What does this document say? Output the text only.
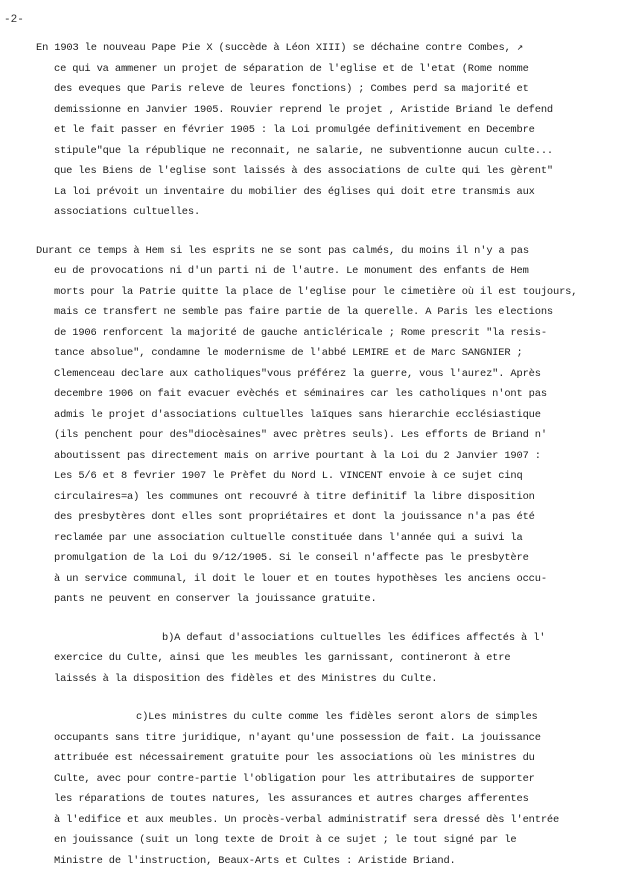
-2-
En 1903 le nouveau Pape Pie X (succède à Léon XIII) se déchaine contre Combes, ↗
ce qui va ammener un projet de séparation de l'eglise et de l'etat (Rome nomme
des eveques que Paris releve de leures fonctions) ; Combes perd sa majorité et
demissionne en Janvier 1905. Rouvier reprend le projet , Aristide Briand le defend
et le fait passer en février 1905 : la Loi promulgée definitivement en Decembre
stipule"que la république ne reconnait, ne salarie, ne subventionne aucun culte...
que les Biens de l'eglise sont laissés à des associations de culte qui les gèrent"
La loi prévoit un inventaire du mobilier des églises qui doit etre transmis aux
associations cultuelles.
Durant ce temps à Hem si les esprits ne se sont pas calmés, du moins il n'y a pas
eu de provocations ni d'un parti ni de l'autre. Le monument des enfants de Hem
morts pour la Patrie quitte la place de l'eglise pour le cimetière où il est toujours,
mais ce transfert ne semble pas faire partie de la querelle. A Paris les elections
de 1906 renforcent la majorité de gauche anticléricale ; Rome prescrit "la resis-
tance absolue", condamne le modernisme de l'abbé LEMIRE et de Marc SANGNIER ;
Clemenceau declare aux catholiques"vous préférez la guerre, vous l'aurez". Après
decembre 1906 on fait evacuer evèchés et séminaires car les catholiques n'ont pas
admis le projet d'associations cultuelles laïques sans hierarchie ecclésiastique
(ils penchent pour des"diocèsaines" avec prètres seuls). Les efforts de Briand n'
aboutissent pas directement mais on arrive pourtant à la Loi du 2 Janvier 1907 :
Les 5/6 et 8 fevrier 1907 le Prèfet du Nord L. VINCENT envoie à ce sujet cinq
circulaires=a) les communes ont recouvré à titre definitif la libre disposition
des presbytères dont elles sont propriétaires et dont la jouissance n'a pas été
reclamée par une association cultuelle constituée dans l'année qui a suivi la
promulgation de la Loi du 9/12/1905. Si le conseil n'affecte pas le presbytère
à un service communal, il doit le louer et en toutes hypothèses les anciens occu-
pants ne peuvent en conserver la jouissance gratuite.
b)A defaut d'associations cultuelles les édifices affectés à l'
exercice du Culte, ainsi que les meubles les garnissant, contineront à etre
laissés à la disposition des fidèles et des Ministres du Culte.
c)Les ministres du culte comme les fidèles seront alors de simples
occupants sans titre juridique, n'ayant qu'une possession de fait. La jouissance
attribuée est nécessairement gratuite pour les associations où les ministres du
Culte, avec pour contre-partie l'obligation pour les attributaires de supporter
les réparations de toutes natures, les assurances et autres charges afferentes
à l'edifice et aux meubles. Un procès-verbal administratif sera dressé dès l'entrée
en jouissance (suit un long texte de Droit à ce sujet ; le tout signé par le
Ministre de l'instruction, Beaux-Arts et Cultes : Aristide Briand.
